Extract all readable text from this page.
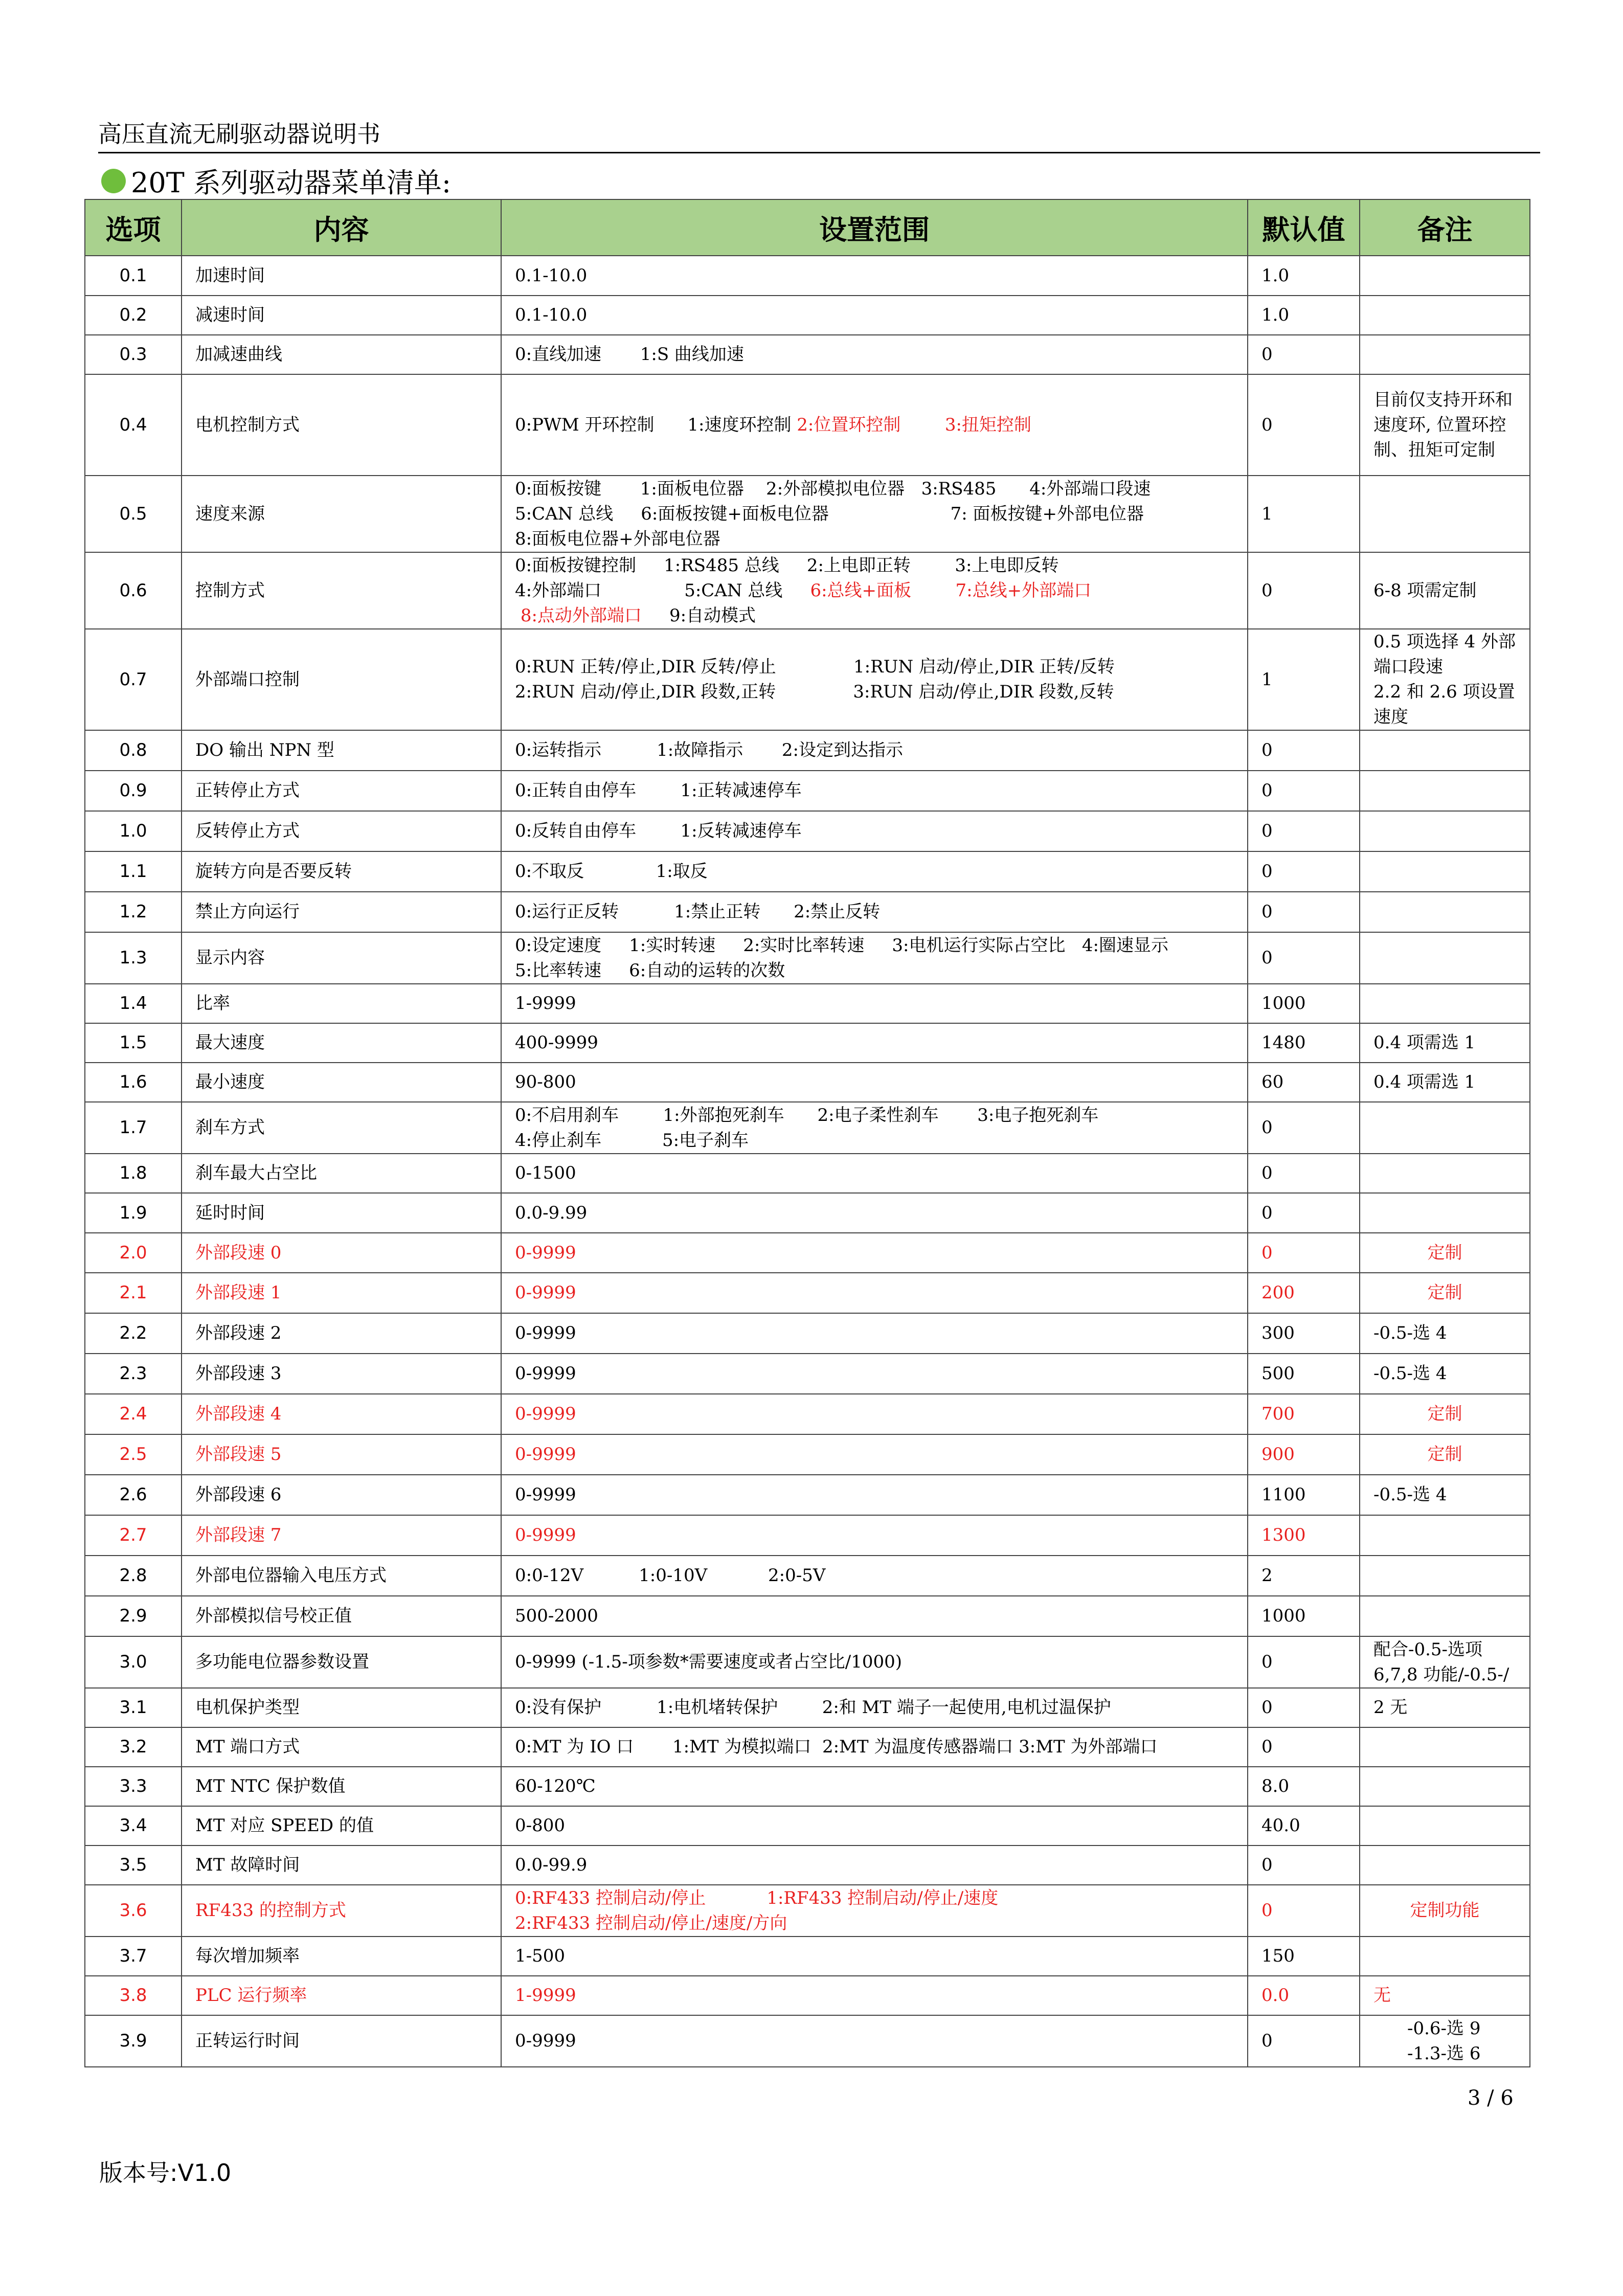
高压直流无刷驱动器说明书
20T 系列驱动器菜单清单:
选项	内容	设置范围	默认值	备注
0.1	加速时间	0.1-10.0	1.0	
0.2	减速时间	0.1-10.0	1.0	
0.3	加减速曲线	0:直线加速       1:S 曲线加速	0	
0.4	电机控制方式	0:PWM 开环控制      1:速度环控制 2:位置环控制        3:扭矩控制	0	目前仅支持开环和速度环, 位置环控制、扭矩可定制
0.5	速度来源	0:面板按键       1:面板电位器    2:外部模拟电位器   3:RS485      4:外部端口段速
5:CAN 总线     6:面板按键+面板电位器                      7: 面板按键+外部电位器
8:面板电位器+外部电位器	1	
0.6	控制方式	0:面板按键控制     1:RS485 总线     2:上电即正转        3:上电即反转
4:外部端口               5:CAN 总线     6:总线+面板        7:总线+外部端口
8:点动外部端口     9:自动模式	0	6-8 项需定制
0.7	外部端口控制	0:RUN 正转/停止,DIR 反转/停止              1:RUN 启动/停止,DIR 正转/反转
2:RUN 启动/停止,DIR 段数,正转              3:RUN 启动/停止,DIR 段数,反转	1	0.5 项选择 4 外部端口段速
2.2 和 2.6 项设置速度
0.8	DO 输出 NPN 型	0:运转指示          1:故障指示       2:设定到达指示	0	
0.9	正转停止方式	0:正转自由停车        1:正转减速停车	0	
1.0	反转停止方式	0:反转自由停车        1:反转减速停车	0	
1.1	旋转方向是否要反转	0:不取反             1:取反	0	
1.2	禁止方向运行	0:运行正反转          1:禁止正转      2:禁止反转	0	
1.3	显示内容	0:设定速度     1:实时转速     2:实时比率转速     3:电机运行实际占空比   4:圈速显示
5:比率转速     6:自动的运转的次数	0	
1.4	比率	1-9999	1000	
1.5	最大速度	400-9999	1480	0.4 项需选 1
1.6	最小速度	90-800	60	0.4 项需选 1
1.7	刹车方式	0:不启用刹车        1:外部抱死刹车      2:电子柔性刹车       3:电子抱死刹车
4:停止刹车           5:电子刹车	0	
1.8	刹车最大占空比	0-1500	0	
1.9	延时时间	0.0-9.99	0	
2.0	外部段速 0	0-9999	0	定制
2.1	外部段速 1	0-9999	200	定制
2.2	外部段速 2	0-9999	300	-0.5-选 4
2.3	外部段速 3	0-9999	500	-0.5-选 4
2.4	外部段速 4	0-9999	700	定制
2.5	外部段速 5	0-9999	900	定制
2.6	外部段速 6	0-9999	1100	-0.5-选 4
2.7	外部段速 7	0-9999	1300	
2.8	外部电位器输入电压方式	0:0-12V          1:0-10V           2:0-5V	2	
2.9	外部模拟信号校正值	500-2000	1000	
3.0	多功能电位器参数设置	0-9999 (-1.5-项参数*需要速度或者占空比/1000)	0	配合-0.5-选项6,7,8 功能/-0.5-/
3.1	电机保护类型	0:没有保护          1:电机堵转保护        2:和 MT 端子一起使用,电机过温保护	0	2 无
3.2	MT 端口方式	0:MT 为 IO 口       1:MT 为模拟端口  2:MT 为温度传感器端口 3:MT 为外部端口	0	
3.3	MT NTC 保护数值	60-120℃	8.0	
3.4	MT 对应 SPEED 的值	0-800	40.0	
3.5	MT 故障时间	0.0-99.9	0	
3.6	RF433 的控制方式	0:RF433 控制启动/停止           1:RF433 控制启动/停止/速度
2:RF433 控制启动/停止/速度/方向	0	定制功能
3.7	每次增加频率	1-500	150	
3.8	PLC 运行频率	1-9999	0.0	无
3.9	正转运行时间	0-9999	0	-0.6-选 9
-1.3-选 6
3 / 6
版本号:V1.0
